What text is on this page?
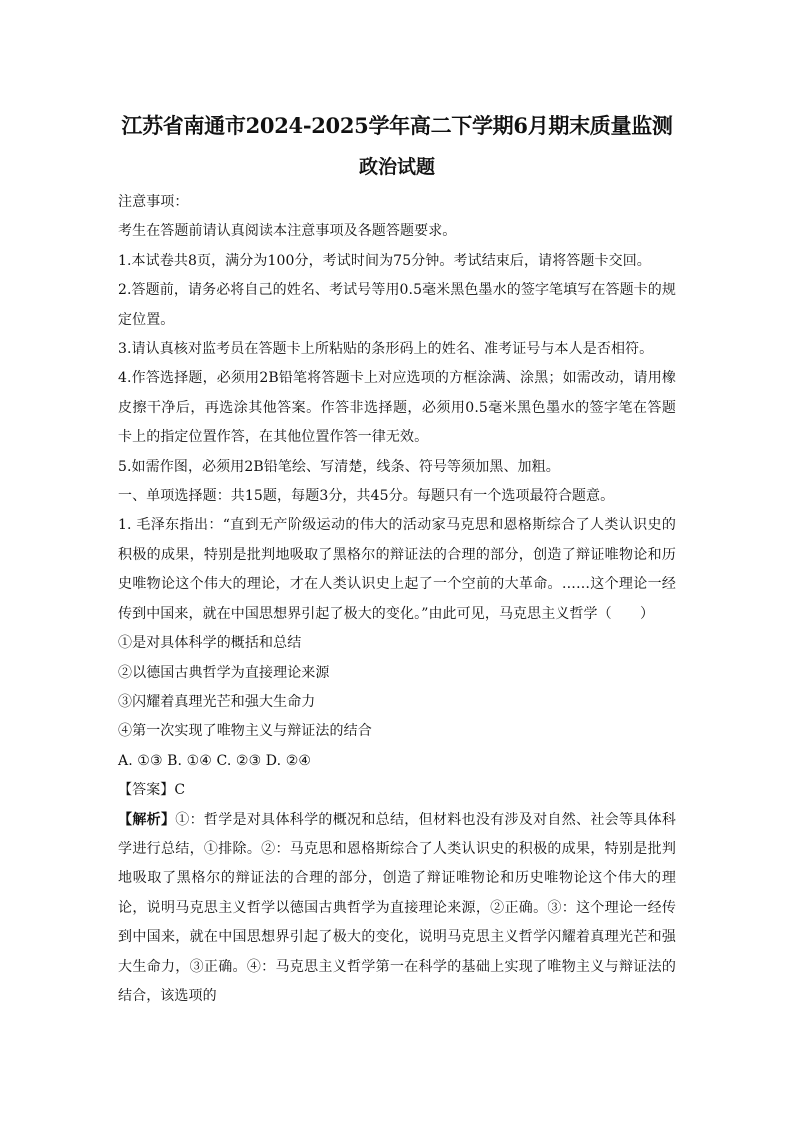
江苏省南通市2024-2025学年高二下学期6月期末质量监测
政治试题

注意事项：

考生在答题前请认真阅读本注意事项及各题答题要求。

1.本试卷共8页，满分为100分，考试时间为75分钟。考试结束后，请将答题卡交回。

2.答题前，请务必将自己的姓名、考试号等用0.5毫米黑色墨水的签字笔填写在答题卡的规定位置。

3.请认真核对监考员在答题卡上所粘贴的条形码上的姓名、准考证号与本人是否相符。

4.作答选择题，必须用2B铅笔将答题卡上对应选项的方框涂满、涂黑；如需改动，请用橡皮擦干净后，再选涂其他答案。作答非选择题，必须用0.5毫米黑色墨水的签字笔在答题卡上的指定位置作答，在其他位置作答一律无效。

5.如需作图，必须用2B铅笔绘、写清楚，线条、符号等须加黑、加粗。

一、单项选择题：共15题，每题3分，共45分。每题只有一个选项最符合题意。

1. 毛泽东指出：“直到无产阶级运动的伟大的活动家马克思和恩格斯综合了人类认识史的积极的成果，特别是批判地吸取了黑格尔的辩证法的合理的部分，创造了辩证唯物论和历史唯物论这个伟大的理论，才在人类认识史上起了一个空前的大革命。……这个理论一经传到中国来，就在中国思想界引起了极大的变化。”由此可见，马克思主义哲学（　　）

①是对具体科学的概括和总结

②以德国古典哲学为直接理论来源

③闪耀着真理光芒和强大生命力

④第一次实现了唯物主义与辩证法的结合

A. ①③ B. ①④ C. ②③ D. ②④

【答案】C

【解析】①：哲学是对具体科学的概况和总结，但材料也没有涉及对自然、社会等具体科学进行总结，①排除。②：马克思和恩格斯综合了人类认识史的积极的成果，特别是批判地吸取了黑格尔的辩证法的合理的部分，创造了辩证唯物论和历史唯物论这个伟大的理论，说明马克思主义哲学以德国古典哲学为直接理论来源，②正确。③：这个理论一经传到中国来，就在中国思想界引起了极大的变化，说明马克思主义哲学闪耀着真理光芒和强大生命力，③正确。④：马克思主义哲学第一在科学的基础上实现了唯物主义与辩证法的结合，该选项的
